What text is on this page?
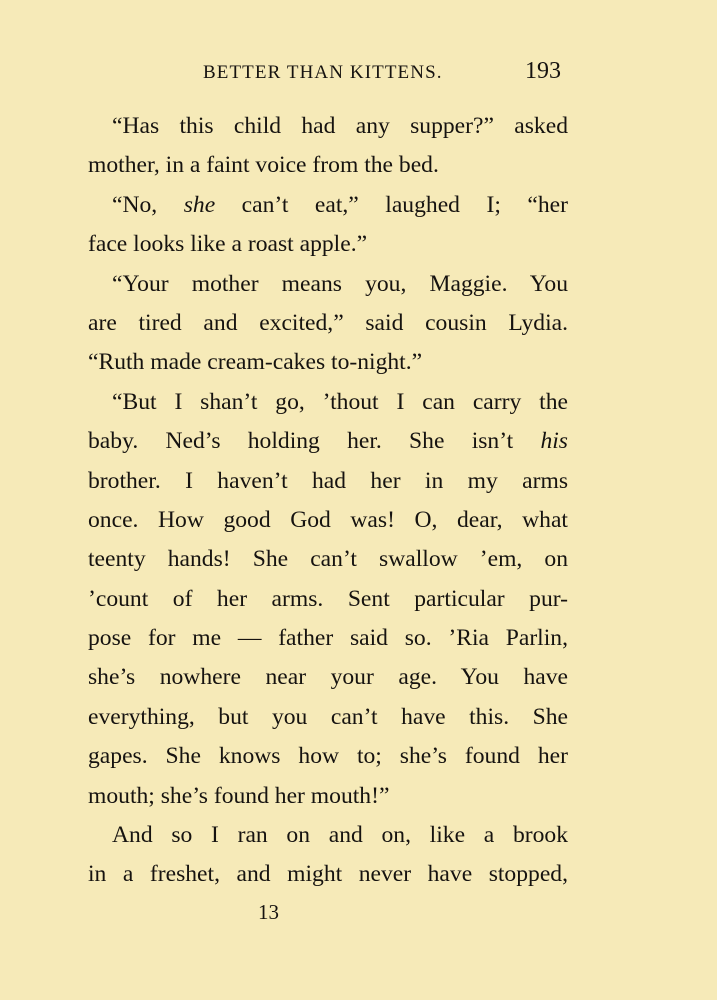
BETTER THAN KITTENS.	193
“Has this child had any supper?” asked
mother, in a faint voice from the bed.
“No, she can’t eat,” laughed I; “her
face looks like a roast apple.”
“Your mother means you, Maggie. You
are tired and excited,” said cousin Lydia.
“Ruth made cream-cakes to-night.”
“But I shan’t go, ’thout I can carry the
baby. Ned’s holding her. She isn’t his
brother. I haven’t had her in my arms
once. How good God was! O, dear, what
teenty hands! She can’t swallow ’em, on
’count of her arms. Sent particular pur-
pose for me — father said so. ’Ria Parlin,
she’s nowhere near your age. You have
everything, but you can’t have this. She
gapes. She knows how to; she’s found her
mouth; she’s found her mouth!”
And so I ran on and on, like a brook
in a freshet, and might never have stopped,
13
